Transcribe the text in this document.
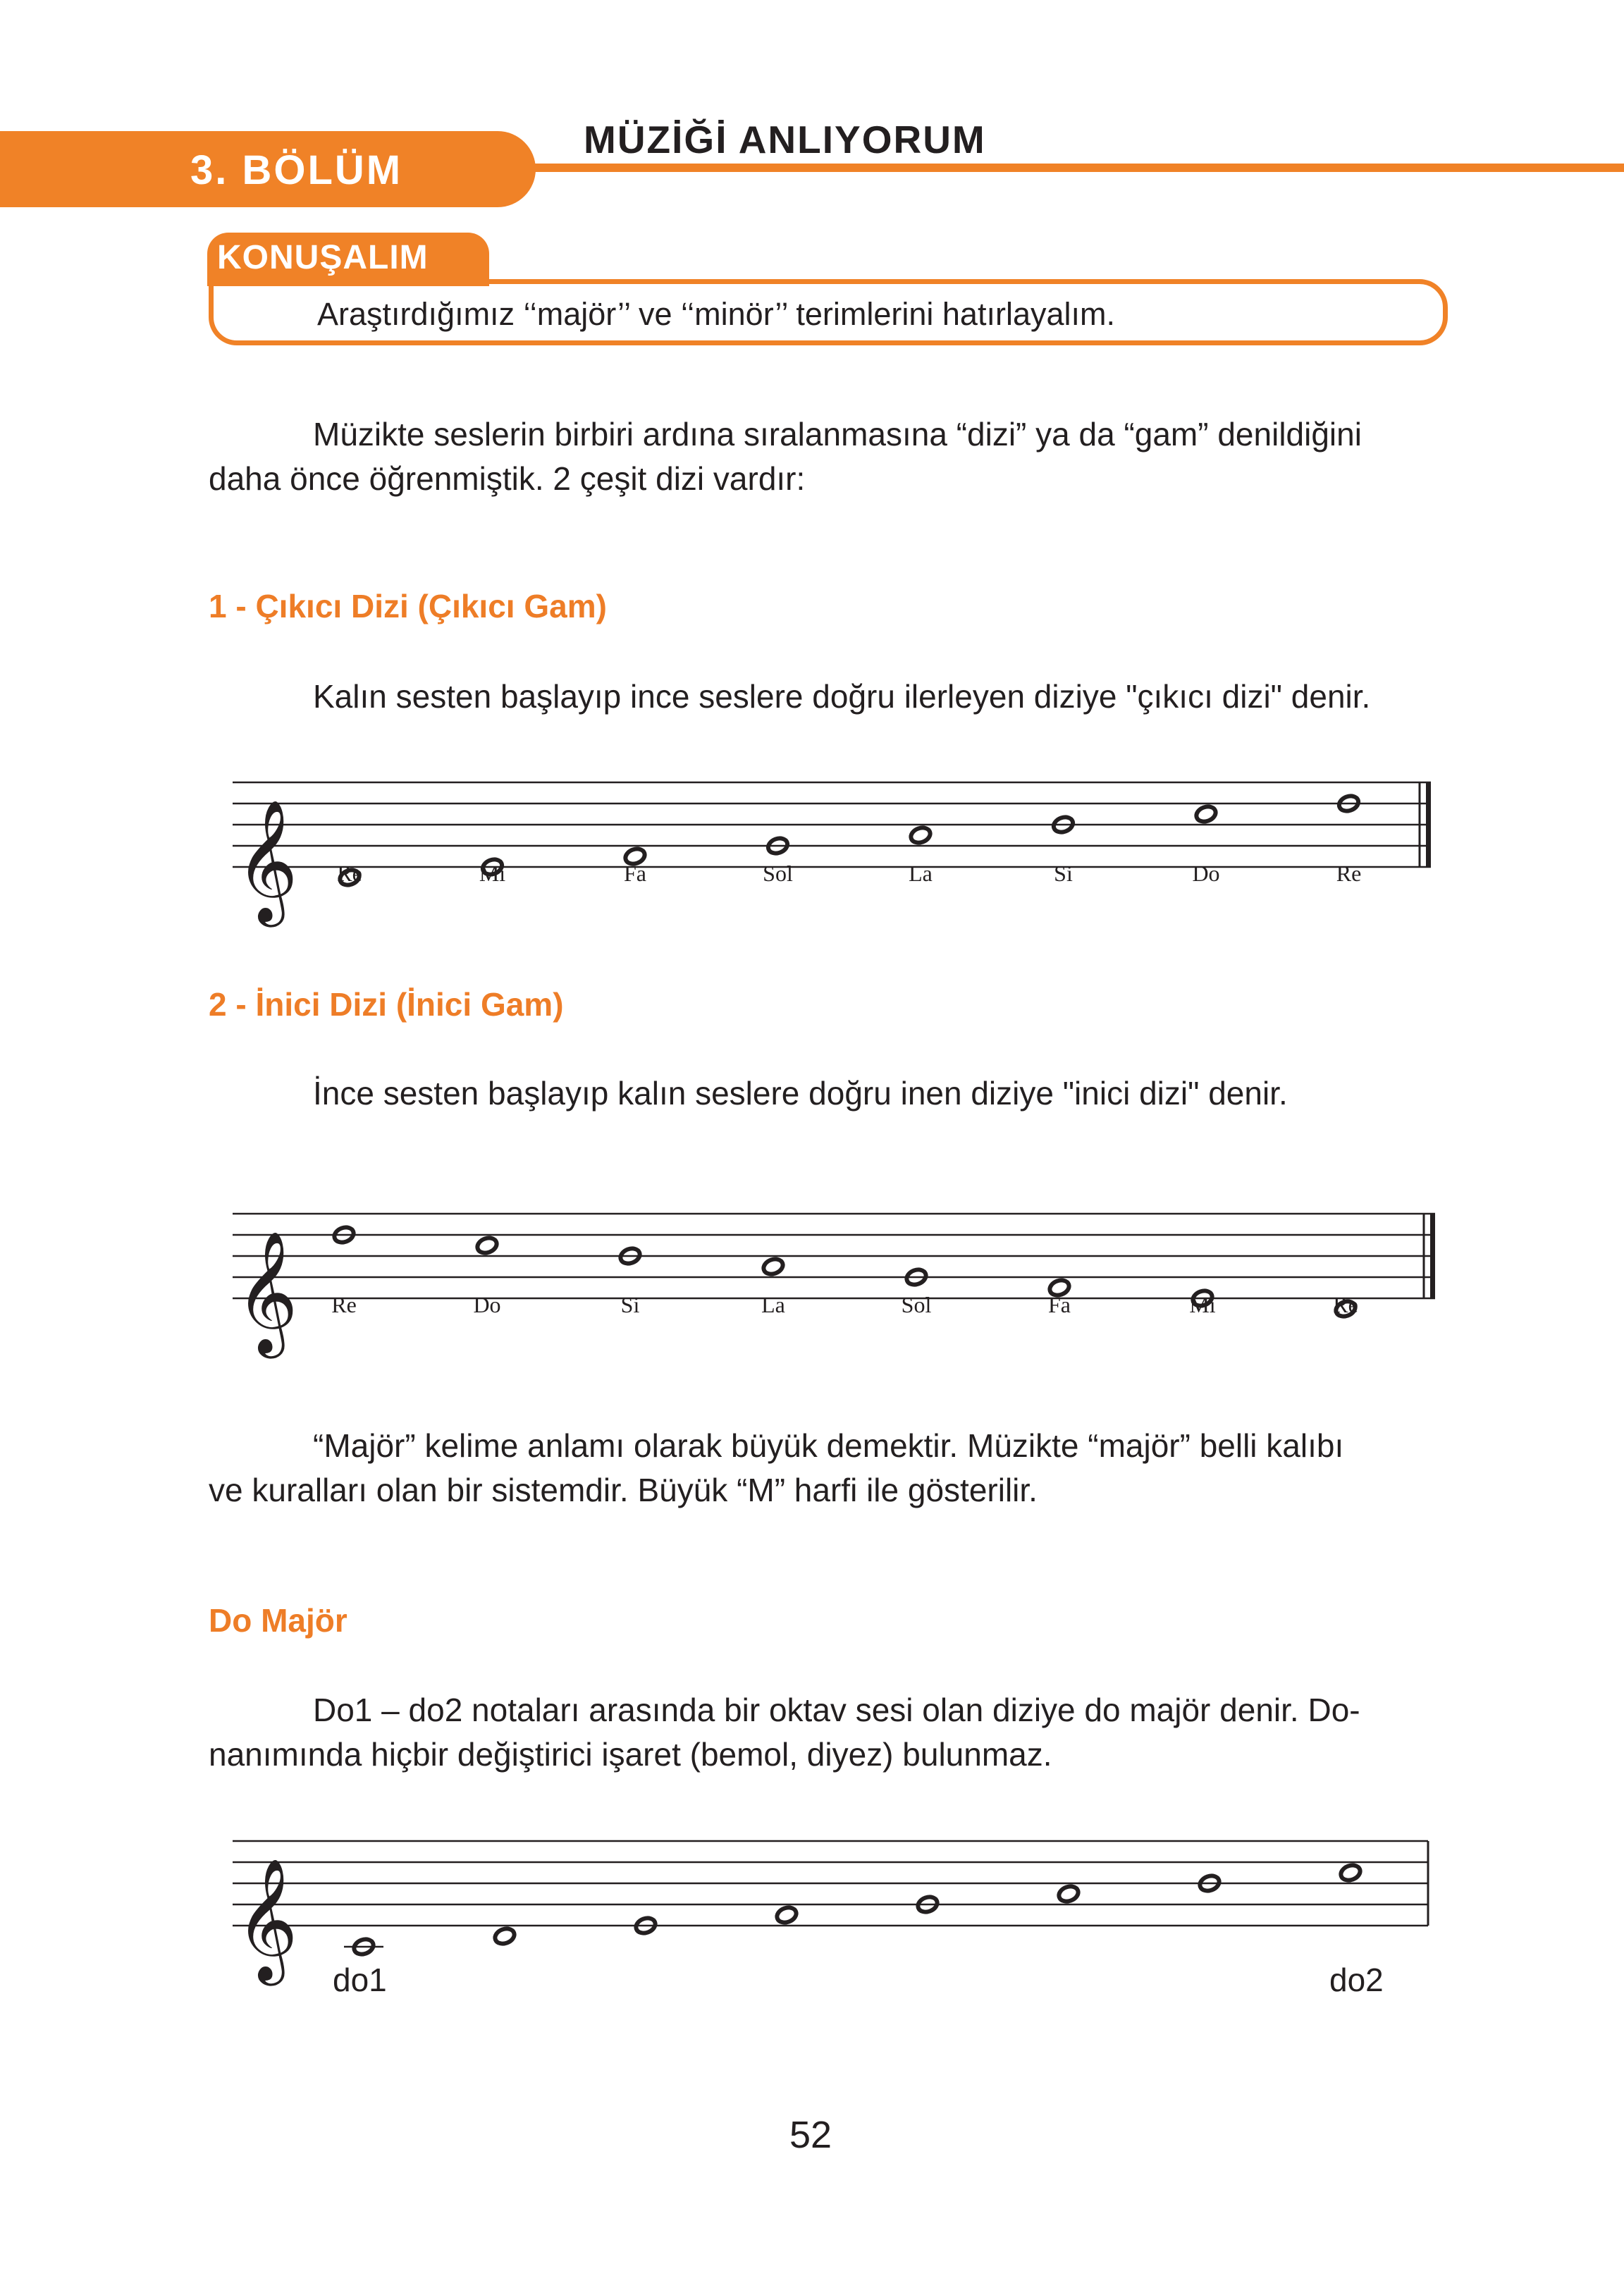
3. BÖLÜM
MÜZİĞİ ANLIYORUM
KONUŞALIM
Araştırdığımız ‘‘majör’’ ve ‘‘minör’’ terimlerini hatırlayalım.

Müzikte seslerin birbiri ardına sıralanmasına “dizi” ya da “gam” denildiğini

daha önce öğrenmiştik. 2 çeşit dizi vardır:

1 - Çıkıcı Dizi (Çıkıcı Gam)
Kalın sesten başlayıp ince seslere doğru ilerleyen diziye "çıkıcı dizi" denir.
𝄞 Re	Mi	Fa	Sol	La	Si	Do	Re
2 - İnici Dizi (İnici Gam)
İnce sesten başlayıp kalın seslere doğru inen diziye "inici dizi" denir.
𝄞 Re	Do	Si	La	Sol	Fa	Mi	Re

“Majör” kelime anlamı olarak büyük demektir. Müzikte “majör” belli kalıbı

ve kuralları olan bir sistemdir. Büyük “M” harfi ile gösterilir.

Do Majör

Do1 – do2 notaları arasında bir oktav sesi olan diziye do majör denir. Do-

nanımında hiçbir değiştirici işaret (bemol, diyez) bulunmaz.

𝄞 do1	do2
52
